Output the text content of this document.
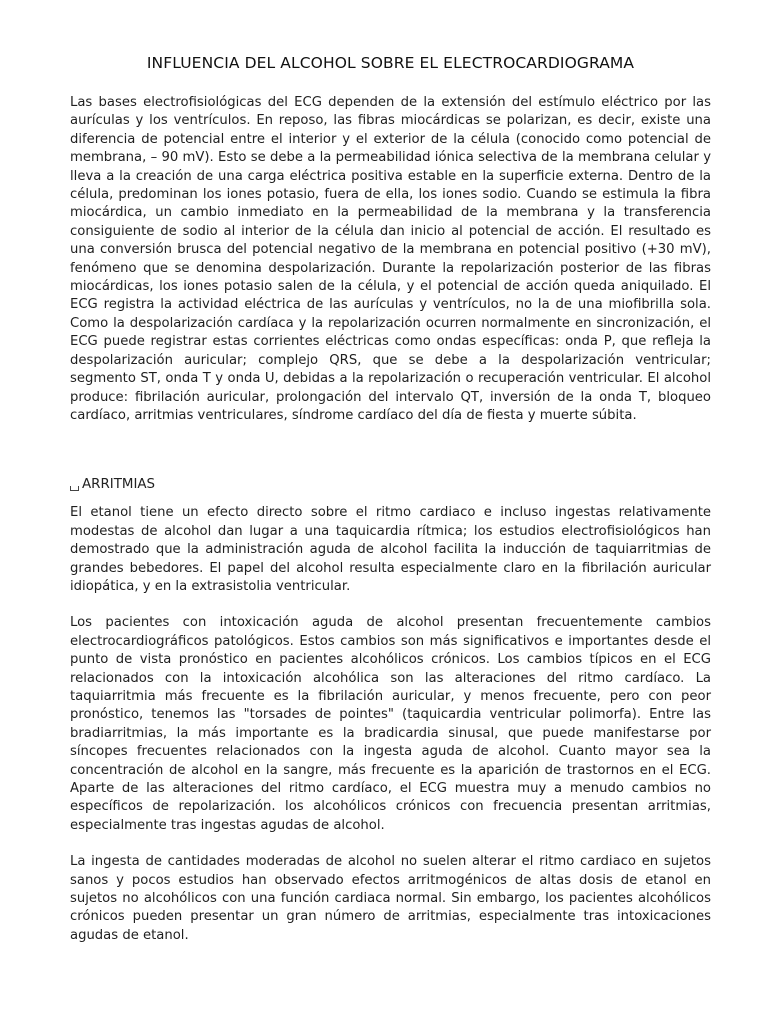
INFLUENCIA DEL ALCOHOL SOBRE EL ELECTROCARDIOGRAMA

Las bases electrofisiológicas del ECG dependen de la extensión del estímulo eléctrico por las aurículas y los ventrículos. En reposo, las fibras miocárdicas se polarizan, es decir, existe una diferencia de potencial entre el interior y el exterior de la célula (conocido como potencial de membrana, – 90 mV). Esto se debe a la permeabilidad iónica selectiva de la membrana celular y lleva a la creación de una carga eléctrica positiva estable en la superficie externa. Dentro de la célula, predominan los iones potasio, fuera de ella, los iones sodio. Cuando se estimula la fibra miocárdica, un cambio inmediato en la permeabilidad de la membrana y la transferencia consiguiente de sodio al interior de la célula dan inicio al potencial de acción. El resultado es una conversión brusca del potencial negativo de la membrana en potencial positivo (+30 mV), fenómeno que se denomina despolarización. Durante la repolarización posterior de las fibras miocárdicas, los iones potasio salen de la célula, y el potencial de acción queda aniquilado. El ECG registra la actividad eléctrica de las aurículas y ventrículos, no la de una miofibrilla sola. Como la despolarización cardíaca y la repolarización ocurren normalmente en sincronización, el ECG puede registrar estas corrientes eléctricas como ondas específicas: onda P, que refleja la despolarización auricular; complejo QRS, que se debe a la despolarización ventricular; segmento ST, onda T y onda U, debidas a la repolarización o recuperación ventricular. El alcohol produce: fibrilación auricular, prolongación del intervalo QT, inversión de la onda T, bloqueo cardíaco, arritmias ventriculares, síndrome cardíaco del día de fiesta y muerte súbita.

ARRITMIAS

El etanol tiene un efecto directo sobre el ritmo cardiaco e incluso ingestas relativamente modestas de alcohol dan lugar a una taquicardia rítmica; los estudios electrofisiológicos han demostrado que la administración aguda de alcohol facilita la inducción de taquiarritmias de grandes bebedores. El papel del alcohol resulta especialmente claro en la fibrilación auricular idiopática, y en la extrasistolia ventricular.

Los pacientes con intoxicación aguda de alcohol presentan frecuentemente cambios electrocardiográficos patológicos. Estos cambios son más significativos e importantes desde el punto de vista pronóstico en pacientes alcohólicos crónicos. Los cambios típicos en el ECG relacionados con la intoxicación alcohólica son las alteraciones del ritmo cardíaco. La taquiarritmia más frecuente es la fibrilación auricular, y menos frecuente, pero con peor pronóstico, tenemos las "torsades de pointes" (taquicardia ventricular polimorfa). Entre las bradiarritmias, la más importante es la bradicardia sinusal, que puede manifestarse por síncopes frecuentes relacionados con la ingesta aguda de alcohol. Cuanto mayor sea la concentración de alcohol en la sangre, más frecuente es la aparición de trastornos en el ECG. Aparte de las alteraciones del ritmo cardíaco, el ECG muestra muy a menudo cambios no específicos de repolarización. los alcohólicos crónicos con frecuencia presentan arritmias, especialmente tras ingestas agudas de alcohol.

La ingesta de cantidades moderadas de alcohol no suelen alterar el ritmo cardiaco en sujetos sanos y pocos estudios han observado efectos arritmogénicos de altas dosis de etanol en sujetos no alcohólicos con una función cardiaca normal. Sin embargo, los pacientes alcohólicos crónicos pueden presentar un gran número de arritmias, especialmente tras intoxicaciones agudas de etanol.
